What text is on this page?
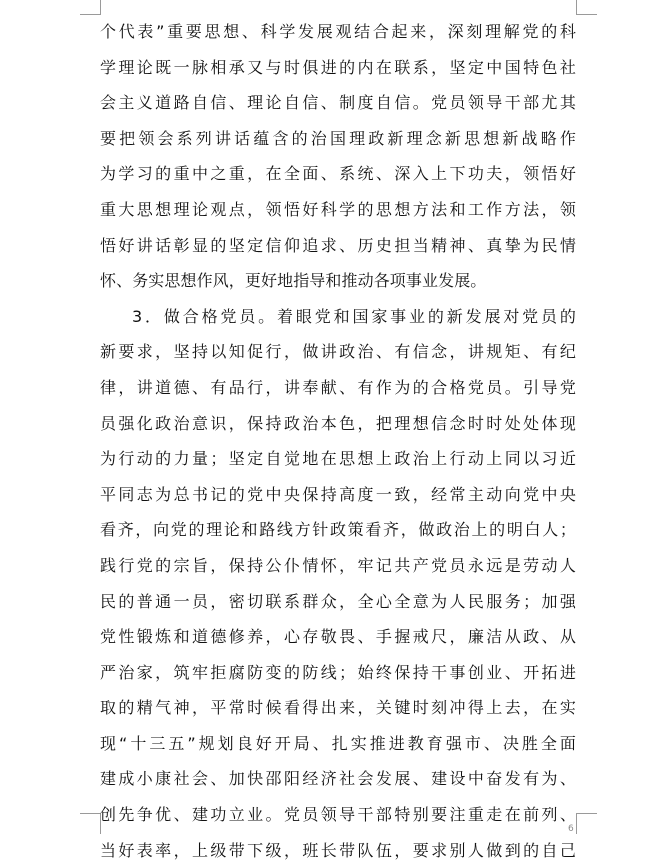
个代表”重要思想、科学发展观结合起来，深刻理解党的科
学理论既一脉相承又与时俱进的内在联系，坚定中国特色社
会主义道路自信、理论自信、制度自信。党员领导干部尤其
要把领会系列讲话蕴含的治国理政新理念新思想新战略作
为学习的重中之重，在全面、系统、深入上下功夫，领悟好
重大思想理论观点，领悟好科学的思想方法和工作方法，领
悟好讲话彰显的坚定信仰追求、历史担当精神、真挚为民情
怀、务实思想作风，更好地指导和推动各项事业发展。
3．做合格党员。着眼党和国家事业的新发展对党员的
新要求，坚持以知促行，做讲政治、有信念，讲规矩、有纪
律，讲道德、有品行，讲奉献、有作为的合格党员。引导党
员强化政治意识，保持政治本色，把理想信念时时处处体现
为行动的力量；坚定自觉地在思想上政治上行动上同以习近
平同志为总书记的党中央保持高度一致，经常主动向党中央
看齐，向党的理论和路线方针政策看齐，做政治上的明白人；
践行党的宗旨，保持公仆情怀，牢记共产党员永远是劳动人
民的普通一员，密切联系群众，全心全意为人民服务；加强
党性锻炼和道德修养，心存敬畏、手握戒尺，廉洁从政、从
严治家，筑牢拒腐防变的防线；始终保持干事创业、开拓进
取的精气神，平常时候看得出来，关键时刻冲得上去，在实
现“十三五”规划良好开局、扎实推进教育强市、决胜全面
建成小康社会、加快邵阳经济社会发展、建设中奋发有为、
创先争优、建功立业。党员领导干部特别要注重走在前列、
当好表率，上级带下级，班长带队伍，要求别人做到的自己
6
